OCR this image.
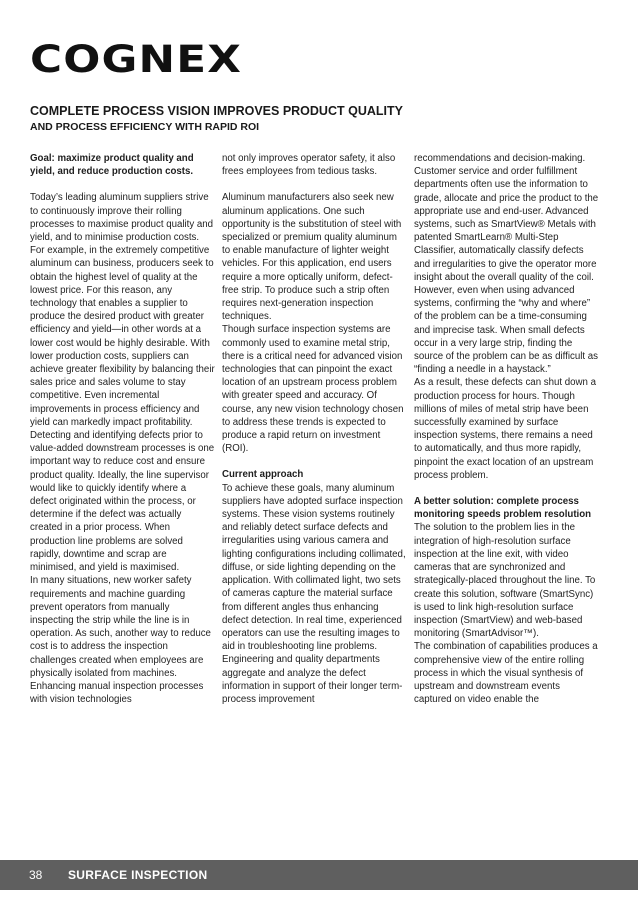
COGNEX
COMPLETE PROCESS VISION IMPROVES PRODUCT QUALITY
AND PROCESS EFFICIENCY WITH RAPID ROI

Goal: maximize product quality and yield, and reduce production costs.

Today’s leading aluminum suppliers strive to continuously improve their rolling processes to maximise product quality and yield, and to minimise production costs. For example, in the extremely competitive aluminum can business, producers seek to obtain the highest level of quality at the lowest price. For this reason, any technology that enables a supplier to produce the desired product with greater efficiency and yield—in other words at a lower cost would be highly desirable. With lower production costs, suppliers can achieve greater flexibility by balancing their sales price and sales volume to stay competitive. Even incremental improvements in process efficiency and yield can markedly impact profitability.

Detecting and identifying defects prior to value-added downstream processes is one important way to reduce cost and ensure product quality. Ideally, the line supervisor would like to quickly identify where a defect originated within the process, or determine if the defect was actually created in a prior process. When production line problems are solved rapidly, downtime and scrap are minimised, and yield is maximised.

In many situations, new worker safety requirements and machine guarding prevent operators from manually inspecting the strip while the line is in operation. As such, another way to reduce cost is to address the inspection challenges created when employees are physically isolated from machines. Enhancing manual inspection processes with vision technologies

not only improves operator safety, it also frees employees from tedious tasks.

Aluminum manufacturers also seek new aluminum applications. One such opportunity is the substitution of steel with specialized or premium quality aluminum to enable manufacture of lighter weight vehicles. For this application, end users require a more optically uniform, defect-free strip. To produce such a strip often requires next-generation inspection techniques.

Though surface inspection systems are commonly used to examine metal strip, there is a critical need for advanced vision technologies that can pinpoint the exact location of an upstream process problem with greater speed and accuracy. Of course, any new vision technology chosen to address these trends is expected to produce a rapid return on investment (ROI).

Current approach

To achieve these goals, many aluminum suppliers have adopted surface inspection systems. These vision systems routinely and reliably detect surface defects and irregularities using various camera and lighting configurations including collimated, diffuse, or side lighting depending on the application. With collimated light, two sets of cameras capture the material surface from different angles thus enhancing defect detection. In real time, experienced operators can use the resulting images to aid in troubleshooting line problems.

Engineering and quality departments aggregate and analyze the defect information in support of their longer term-process improvement

recommendations and decision-making. Customer service and order fulfillment departments often use the information to grade, allocate and price the product to the appropriate use and end-user. Advanced systems, such as SmartView® Metals with patented SmartLearn® Multi-Step Classifier, automatically classify defects and irregularities to give the operator more insight about the overall quality of the coil. However, even when using advanced systems, confirming the “why and where” of the problem can be a time-consuming and imprecise task. When small defects occur in a very large strip, finding the source of the problem can be as difficult as “finding a needle in a haystack.”

As a result, these defects can shut down a production process for hours. Though millions of miles of metal strip have been successfully examined by surface inspection systems, there remains a need to automatically, and thus more rapidly, pinpoint the exact location of an upstream process problem.

A better solution: complete process monitoring speeds problem resolution

The solution to the problem lies in the integration of high-resolution surface inspection at the line exit, with video cameras that are synchronized and strategically-placed throughout the line. To create this solution, software (SmartSync) is used to link high-resolution surface inspection (SmartView) and web-based monitoring (SmartAdvisor™).

The combination of capabilities produces a comprehensive view of the entire rolling process in which the visual synthesis of upstream and downstream events captured on video enable the

38 SURFACE INSPECTION
